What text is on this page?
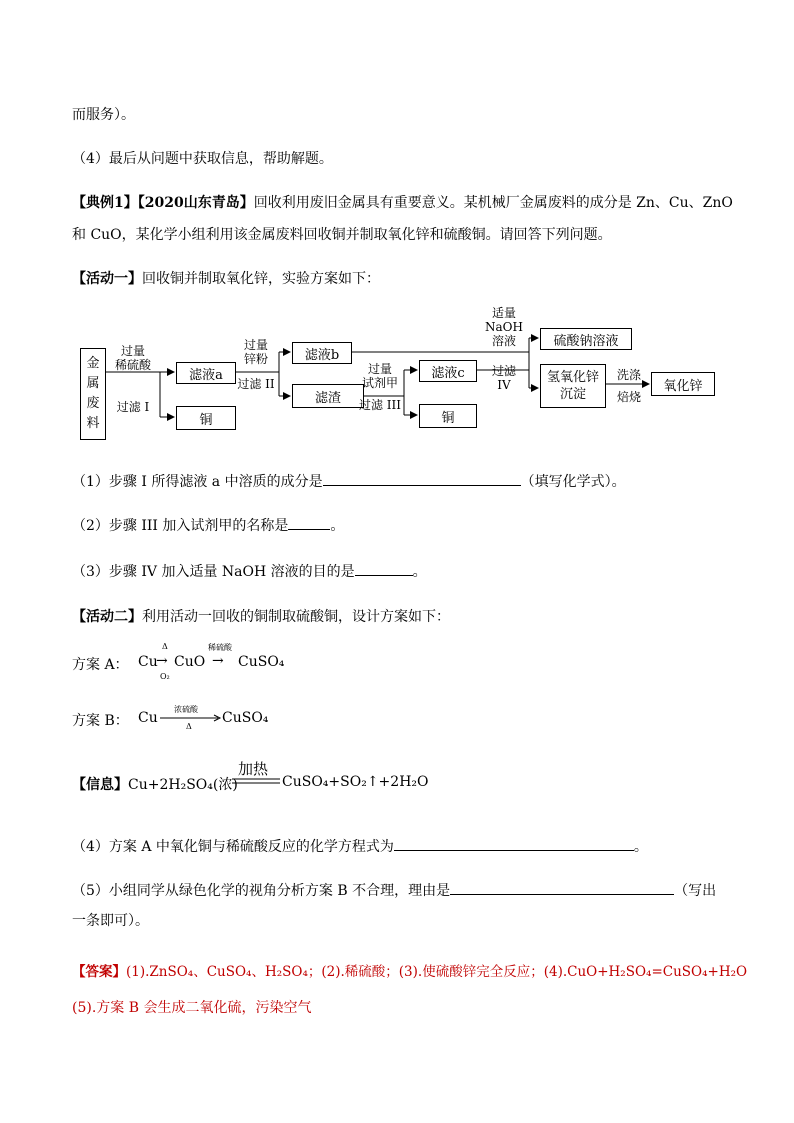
而服务）。
（4）最后从问题中获取信息，帮助解题。
【典例1】【2020山东青岛】回收利用废旧金属具有重要意义。某机械厂金属废料的成分是 Zn、Cu、ZnO
和 CuO，某化学小组利用该金属废料回收铜并制取氧化锌和硫酸铜。请回答下列问题。
【活动一】回收铜并制取氧化锌，实验方案如下：
金
属
废
料
滤液a
铜
滤液b
滤渣
滤液c
铜
硫酸钠溶液
氢氧化锌
沉淀
氧化锌
过量
稀硫酸
过滤 I
过量
锌粉
过滤 II
过量
试剂甲
过滤 III
适量
NaOH
溶液
过滤
IV
洗涤
焙烧
（1）步骤 I 所得滤液 a 中溶质的成分是	（填写化学式）。
（2）步骤 III 加入试剂甲的名称是	。
（3）步骤 IV 加入适量 NaOH 溶液的目的是	。
【活动二】利用活动一回收的铜制取硫酸铜，设计方案如下：
方案 A： Cu
Δ
→
O₂
CuO
稀硫酸
→ CuSO₄
方案 B： Cu
浓硫酸
Δ
CuSO₄
【信息】 Cu+2H₂SO₄(浓)
加热
CuSO₄+SO₂↑+2H₂O
（4）方案 A 中氧化铜与稀硫酸反应的化学方程式为	。
（5）小组同学从绿色化学的视角分析方案 B 不合理，理由是	（写出
一条即可）。
【答案】(1).ZnSO₄、CuSO₄、H₂SO₄；(2).稀硫酸；(3).使硫酸锌完全反应；(4).CuO+H₂SO₄=CuSO₄+H₂O
(5).方案 B 会生成二氧化硫，污染空气
